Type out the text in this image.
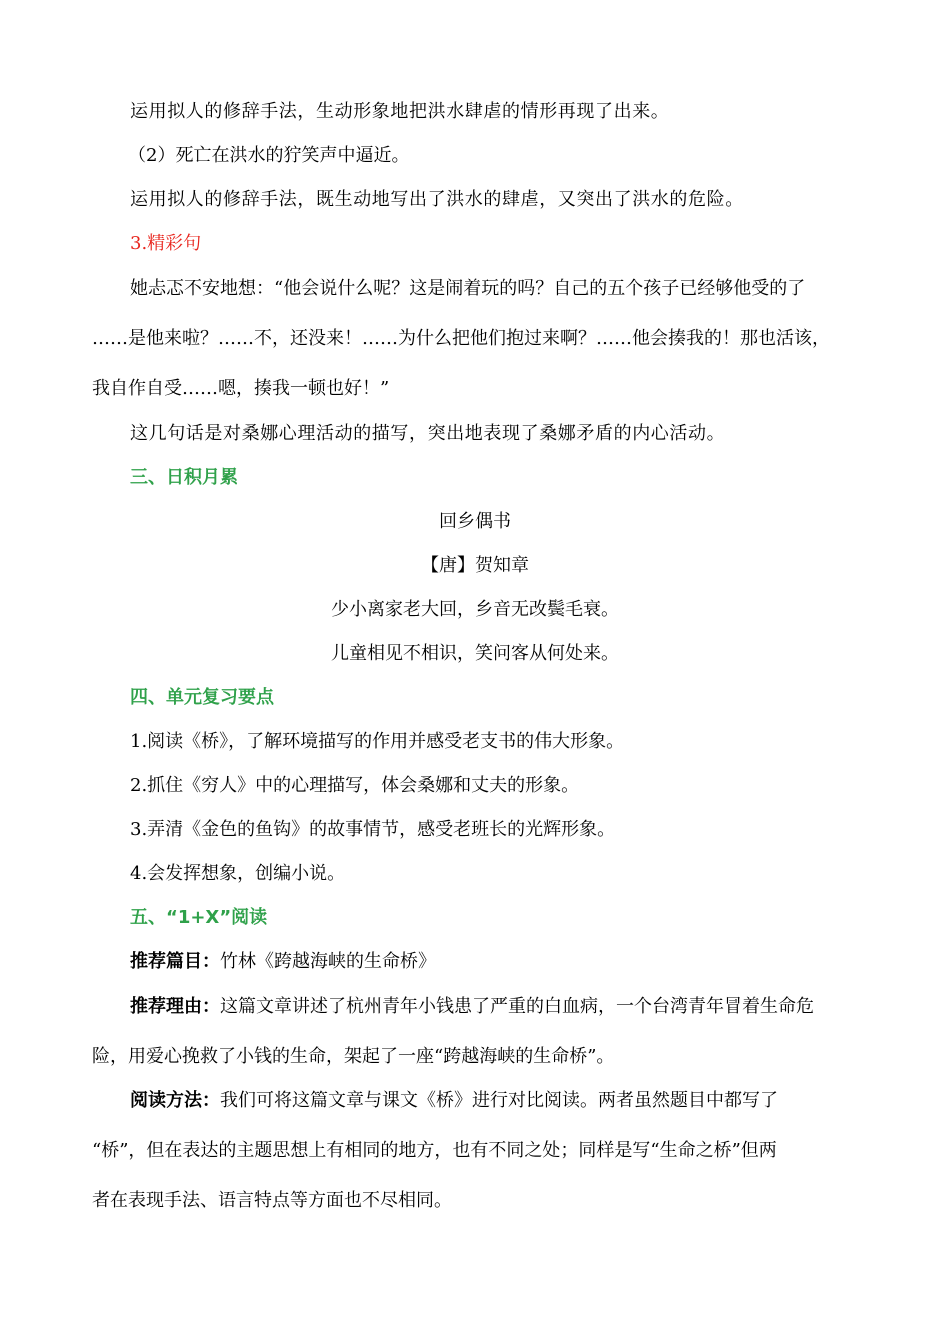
运用拟人的修辞手法，生动形象地把洪水肆虐的情形再现了出来。
（2）死亡在洪水的狞笑声中逼近。
运用拟人的修辞手法，既生动地写出了洪水的肆虐，又突出了洪水的危险。
3.精彩句
她忐忑不安地想：“他会说什么呢？这是闹着玩的吗？自己的五个孩子已经够他受的了
……是他来啦？……不，还没来！……为什么把他们抱过来啊？……他会揍我的！那也活该，
我自作自受……嗯，揍我一顿也好！”
这几句话是对桑娜心理活动的描写，突出地表现了桑娜矛盾的内心活动。
三、日积月累
回乡偶书
【唐】贺知章
少小离家老大回，乡音无改鬓毛衰。
儿童相见不相识，笑问客从何处来。
四、单元复习要点
1.阅读《桥》，了解环境描写的作用并感受老支书的伟大形象。
2.抓住《穷人》中的心理描写，体会桑娜和丈夫的形象。
3.弄清《金色的鱼钩》的故事情节，感受老班长的光辉形象。
4.会发挥想象，创编小说。
五、“1+X”阅读
推荐篇目：竹林《跨越海峡的生命桥》
推荐理由：这篇文章讲述了杭州青年小钱患了严重的白血病，一个台湾青年冒着生命危
险，用爱心挽救了小钱的生命，架起了一座“跨越海峡的生命桥”。
阅读方法：我们可将这篇文章与课文《桥》进行对比阅读。两者虽然题目中都写了
“桥”，但在表达的主题思想上有相同的地方，也有不同之处；同样是写“生命之桥”但两
者在表现手法、语言特点等方面也不尽相同。
